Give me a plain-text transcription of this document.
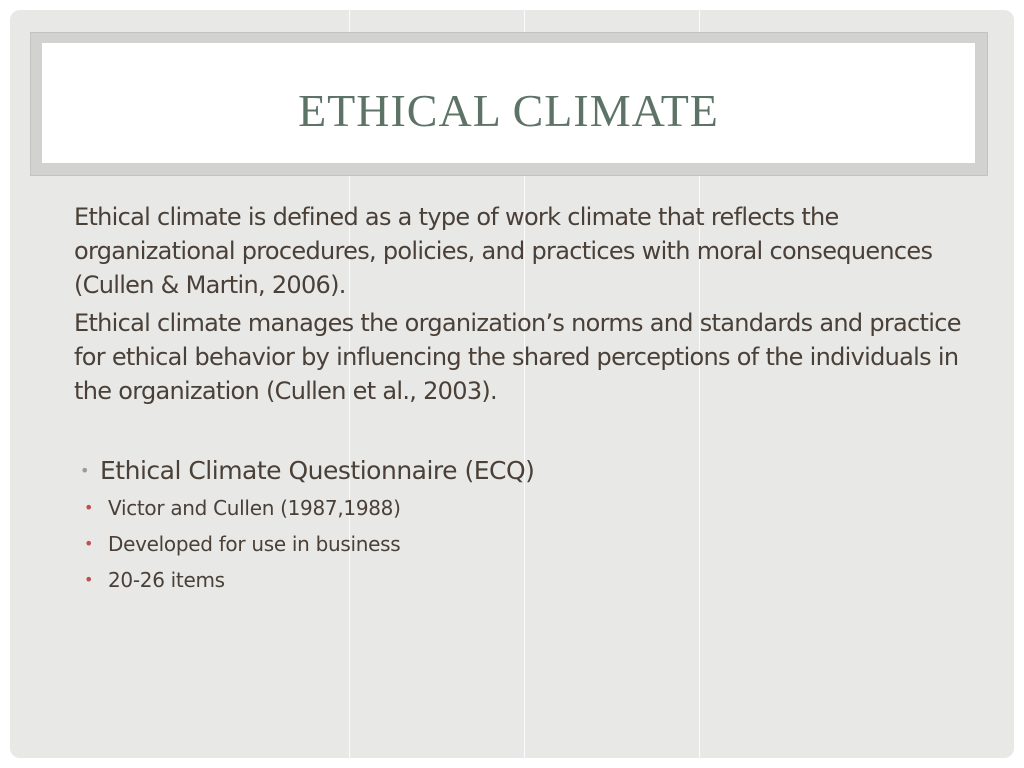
ETHICAL CLIMATE

Ethical climate is defined as a type of work climate that reflects the organizational procedures, policies, and practices with moral consequences (Cullen & Martin, 2006).

Ethical climate manages the organization’s norms and standards and practice for ethical behavior by influencing the shared perceptions of the individuals in the organization (Cullen et al., 2003).

• Ethical Climate Questionnaire (ECQ)
• Victor and Cullen (1987,1988)
• Developed for use in business
• 20-26 items
